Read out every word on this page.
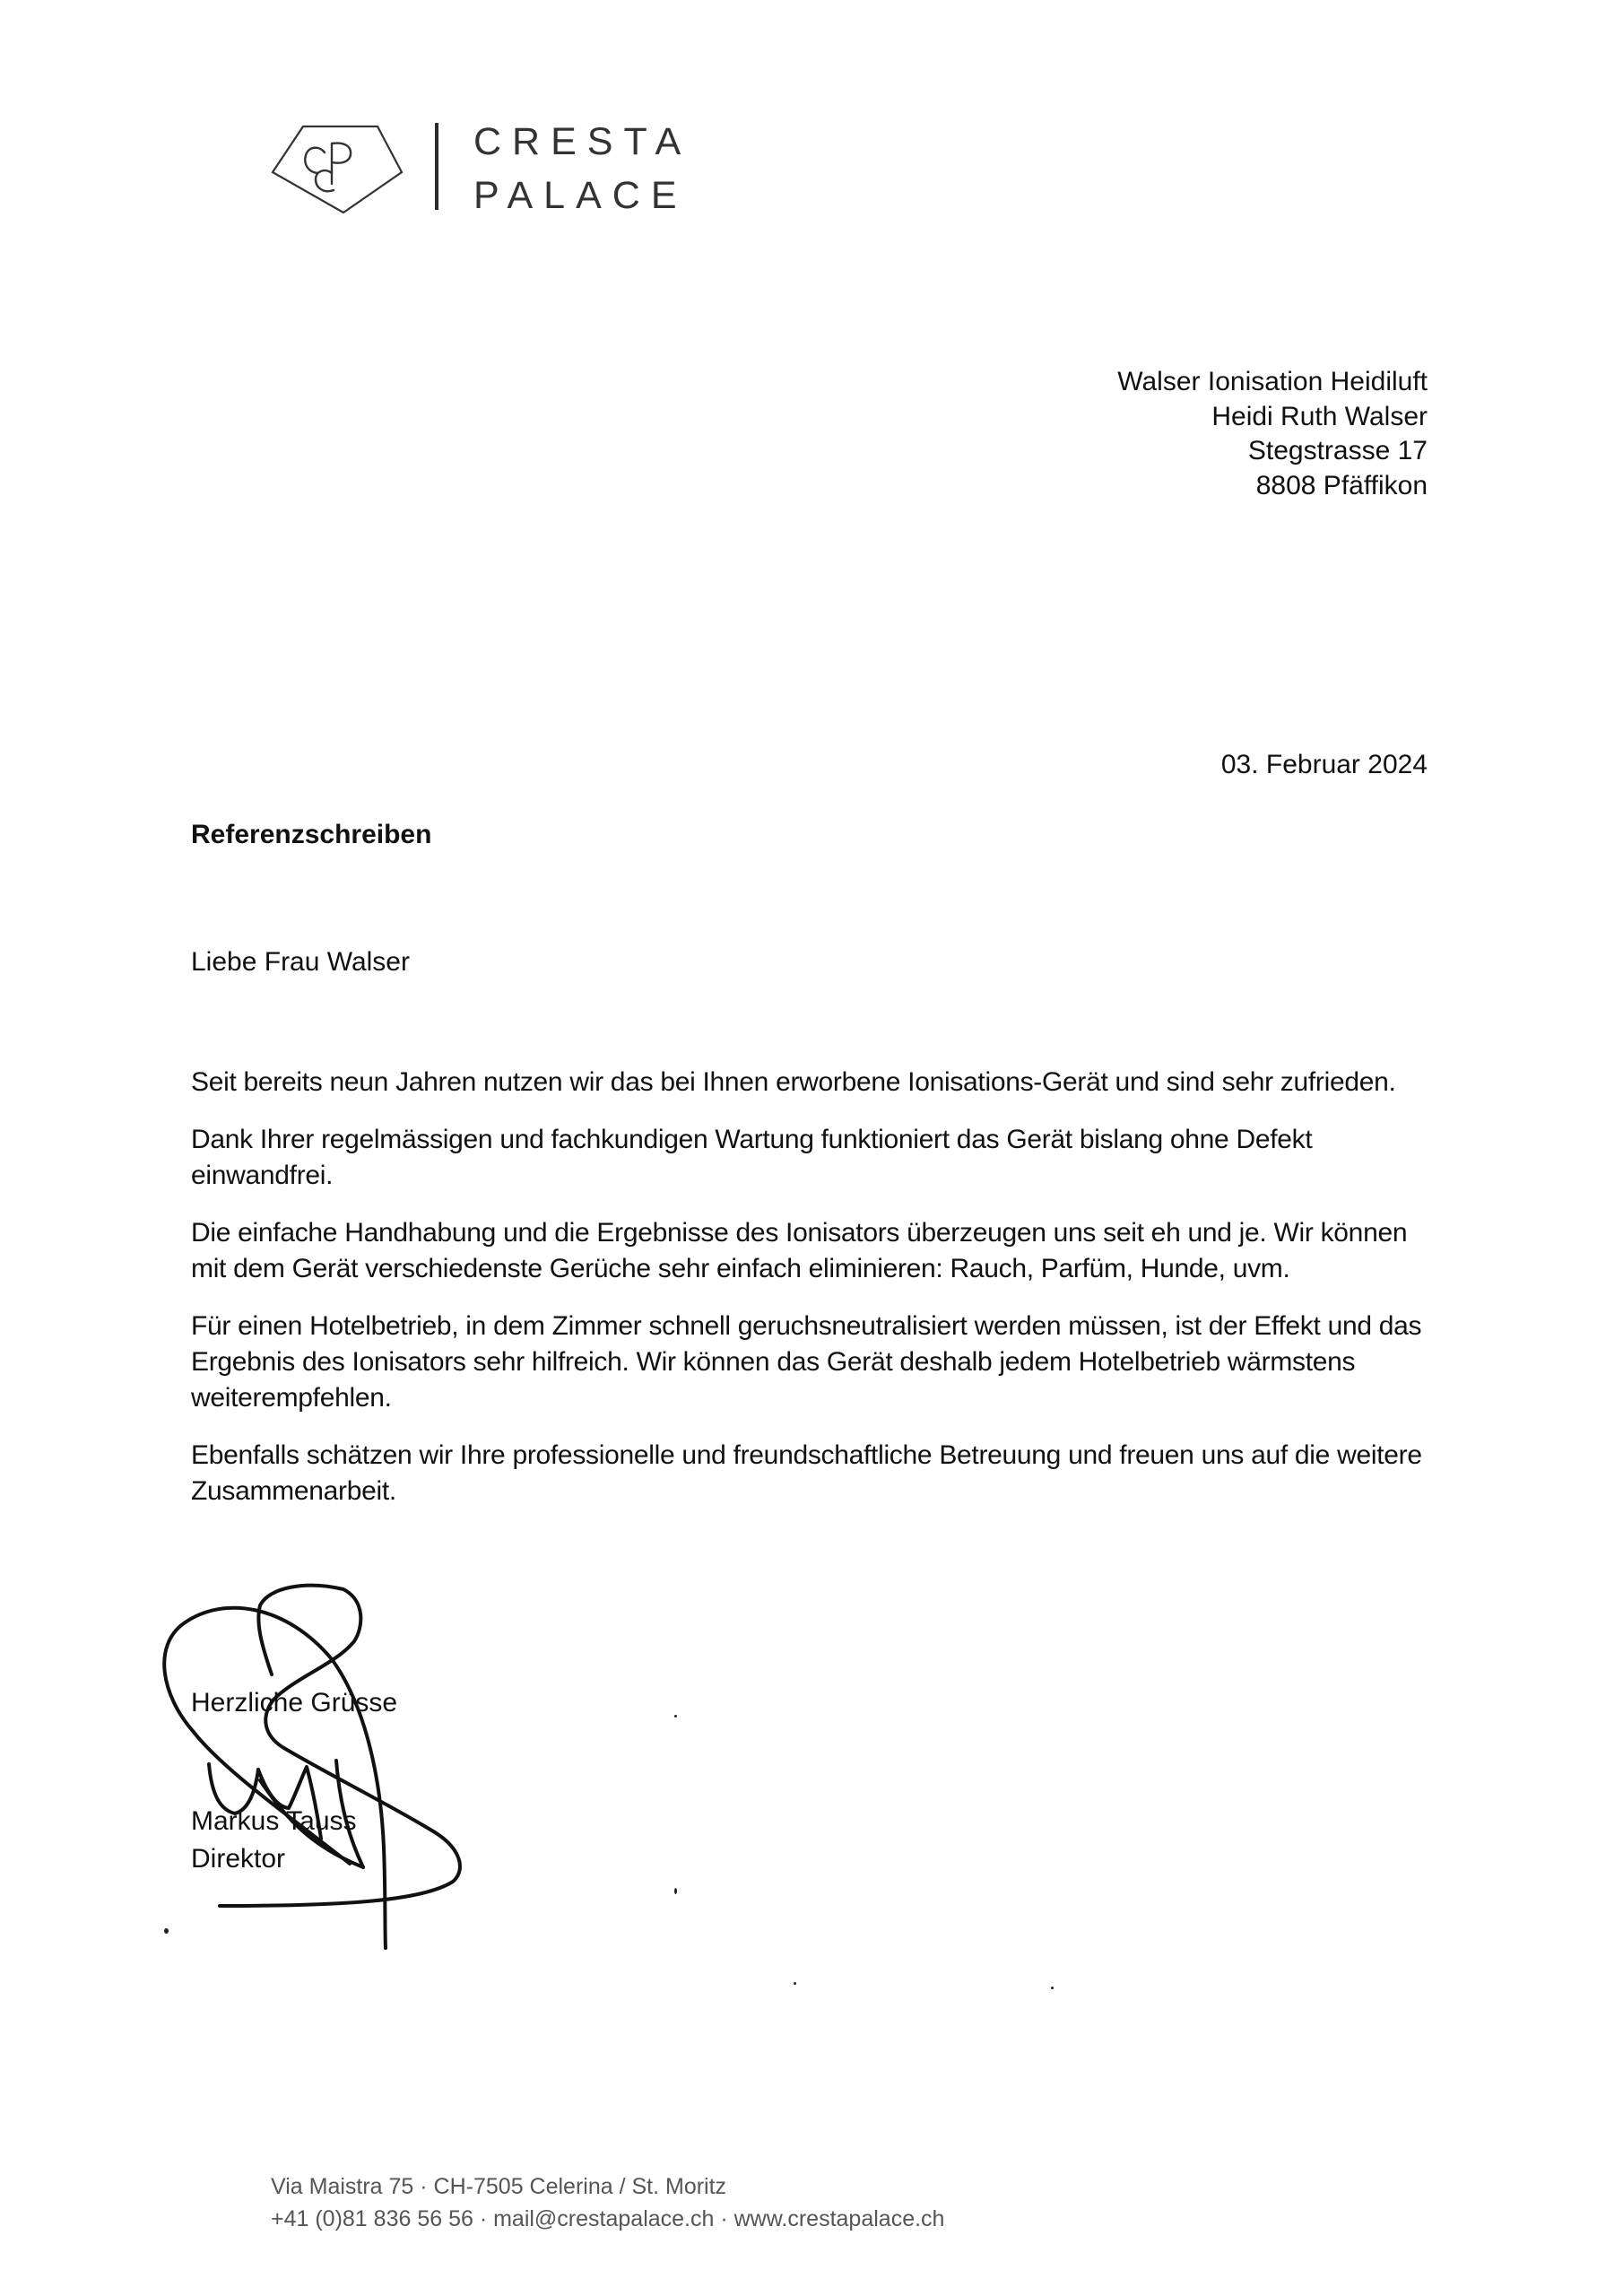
CRESTA
PALACE
Walser Ionisation Heidiluft
Heidi Ruth Walser
Stegstrasse 17
8808 Pfäffikon
03. Februar 2024
Referenzschreiben
Liebe Frau Walser

Seit bereits neun Jahren nutzen wir das bei Ihnen erworbene Ionisations-Gerät und sind sehr zufrieden.

Dank Ihrer regelmässigen und fachkundigen Wartung funktioniert das Gerät bislang ohne Defekt einwandfrei.

Die einfache Handhabung und die Ergebnisse des Ionisators überzeugen uns seit eh und je. Wir können mit dem Gerät verschiedenste Gerüche sehr einfach eliminieren: Rauch, Parfüm, Hunde, uvm.

Für einen Hotelbetrieb, in dem Zimmer schnell geruchsneutralisiert werden müssen, ist der Effekt und das Ergebnis des Ionisators sehr hilfreich. Wir können das Gerät deshalb jedem Hotelbetrieb wärmstens weiterempfehlen.

Ebenfalls schätzen wir Ihre professionelle und freundschaftliche Betreuung und freuen uns auf die weitere Zusammenarbeit.

Herzliche Grüsse
Markus Tauss
Direktor
Via Maistra 75 · CH-7505 Celerina / St. Moritz
+41 (0)81 836 56 56 · mail@crestapalace.ch · www.crestapalace.ch
